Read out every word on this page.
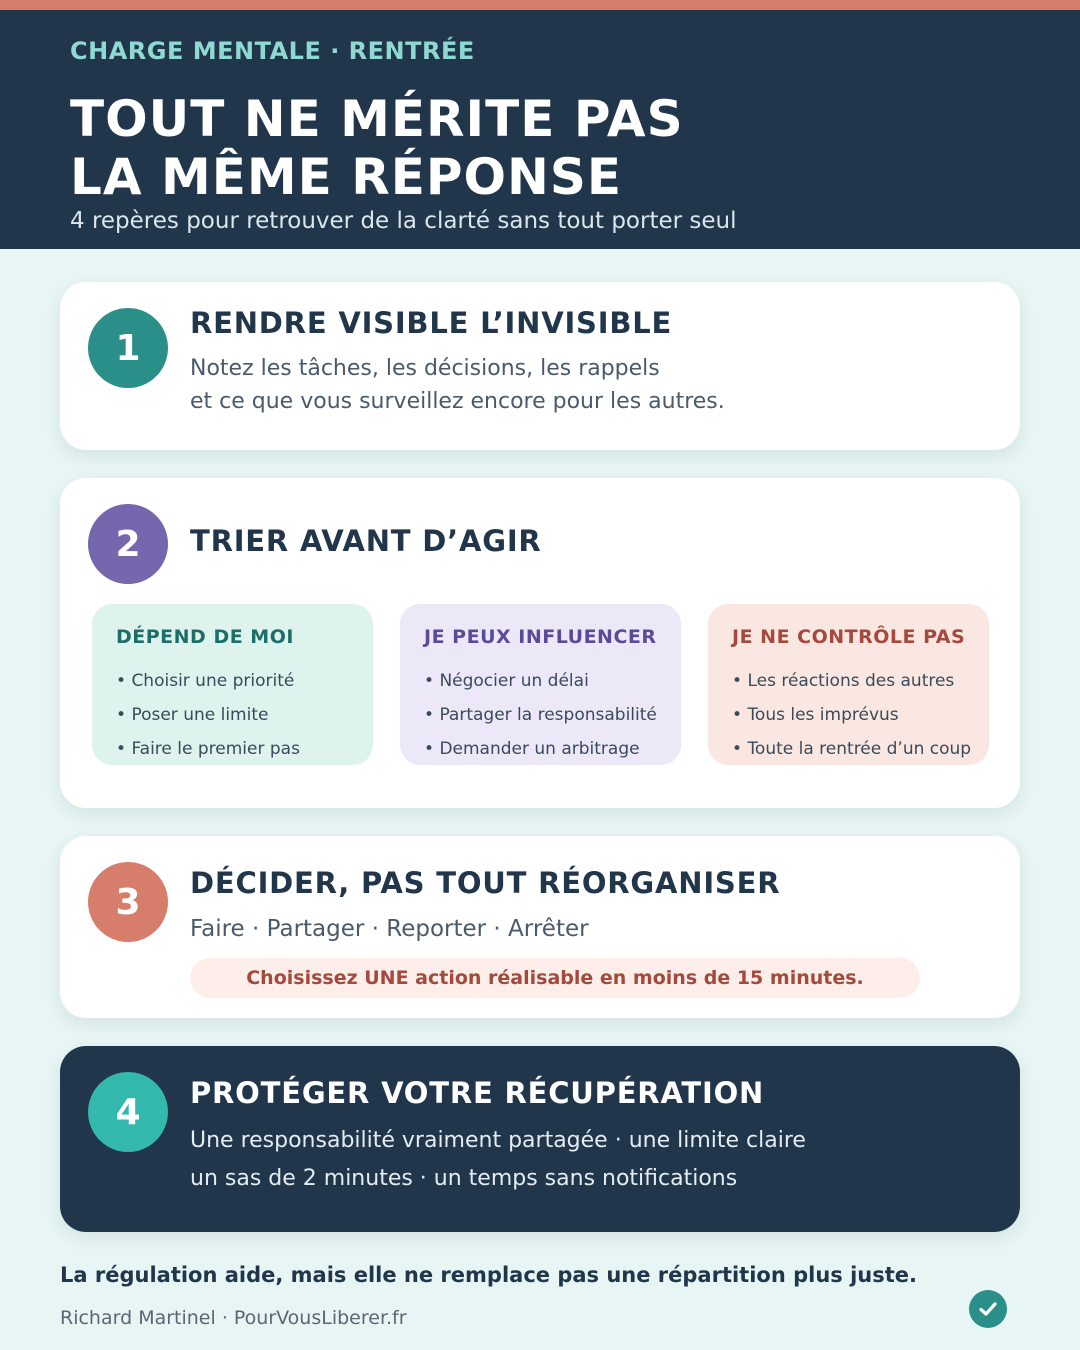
CHARGE MENTALE · RENTRÉE
TOUT NE MÉRITE PAS
LA MÊME RÉPONSE
4 repères pour retrouver de la clarté sans tout porter seul
1
RENDRE VISIBLE L’INVISIBLE
Notez les tâches, les décisions, les rappels
et ce que vous surveillez encore pour les autres.
2	TRIER AVANT D’AGIR
DÉPEND DE MOI
• Choisir une priorité
• Poser une limite
• Faire le premier pas
JE PEUX INFLUENCER
• Négocier un délai
• Partager la responsabilité
• Demander un arbitrage
JE NE CONTRÔLE PAS
• Les réactions des autres
• Tous les imprévus
• Toute la rentrée d’un coup
3	DÉCIDER, PAS TOUT RÉORGANISER
Faire · Partager · Reporter · Arrêter
Choisissez UNE action réalisable en moins de 15 minutes.
4	PROTÉGER VOTRE RÉCUPÉRATION
Une responsabilité vraiment partagée · une limite claire
un sas de 2 minutes · un temps sans notifications
La régulation aide, mais elle ne remplace pas une répartition plus juste.
Richard Martinel · PourVousLiberer.fr
